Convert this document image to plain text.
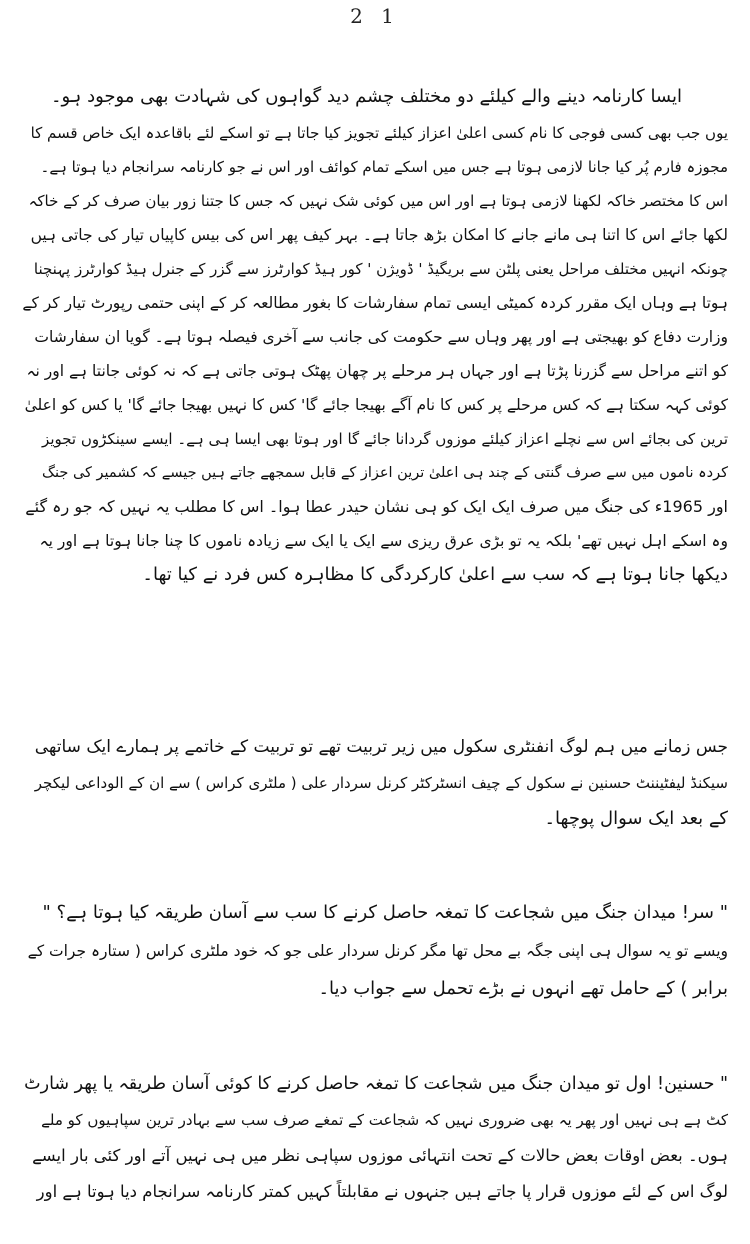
2 1
ایسا کارنامہ دینے والے کیلئے دو مختلف چشم دید گواہوں کی شہادت بھی موجود ہو۔
یوں جب بھی کسی فوجی کا نام کسی اعلیٰ اعزاز کیلئے تجویز کیا جاتا ہے تو اسکے لئے باقاعدہ ایک خاص قسم کا
مجوزہ فارم پُر کیا جانا لازمی ہوتا ہے جس میں اسکے تمام کوائف اور اس نے جو کارنامہ سرانجام دیا ہوتا ہے۔
اس کا مختصر خاکہ لکھنا لازمی ہوتا ہے اور اس میں کوئی شک نہیں کہ جس کا جتنا زور بیان صرف کر کے خاکہ
لکھا جائے اس کا اتنا ہی مانے جانے کا امکان بڑھ جاتا ہے۔ بہر کیف پھر اس کی بیس کاپیاں تیار کی جاتی ہیں
چونکہ انہیں مختلف مراحل یعنی پلٹن سے بریگیڈ ' ڈویژن ' کور ہیڈ کوارٹرز سے گزر کے جنرل ہیڈ کوارٹرز پہنچنا
ہوتا ہے وہاں ایک مقرر کردہ کمیٹی ایسی تمام سفارشات کا بغور مطالعہ کر کے اپنی حتمی رپورٹ تیار کر کے
وزارت دفاع کو بھیجتی ہے اور پھر وہاں سے حکومت کی جانب سے آخری فیصلہ ہوتا ہے۔ گویا ان سفارشات
کو اتنے مراحل سے گزرنا پڑتا ہے اور جہاں ہر مرحلے پر چھان پھٹک ہوتی جاتی ہے کہ نہ کوئی جانتا ہے اور نہ
کوئی کہہ سکتا ہے کہ کس مرحلے پر کس کا نام آگے بھیجا جائے گا' کس کا نہیں بھیجا جائے گا' یا کس کو اعلیٰ
ترین کی بجائے اس سے نچلے اعزاز کیلئے موزوں گردانا جائے گا اور ہوتا بھی ایسا ہی ہے۔ ایسے سینکڑوں تجویز
کردہ ناموں میں سے صرف گنتی کے چند ہی اعلیٰ ترین اعزاز کے قابل سمجھے جاتے ہیں جیسے کہ کشمیر کی جنگ
اور 1965ء کی جنگ میں صرف ایک ایک کو ہی نشان حیدر عطا ہوا۔ اس کا مطلب یہ نہیں کہ جو رہ گئے
وہ اسکے اہل نہیں تھے' بلکہ یہ تو بڑی عرق ریزی سے ایک یا ایک سے زیادہ ناموں کا چنا جانا ہوتا ہے اور یہ
دیکھا جانا ہوتا ہے کہ سب سے اعلیٰ کارکردگی کا مظاہرہ کس فرد نے کیا تھا۔
جس زمانے میں ہم لوگ انفنٹری سکول میں زیر تربیت تھے تو تربیت کے خاتمے پر ہمارے ایک ساتھی
سیکنڈ لیفٹیننٹ حسنین نے سکول کے چیف انسٹرکٹر کرنل سردار علی ( ملٹری کراس ) سے ان کے الوداعی لیکچر
کے بعد ایک سوال پوچھا۔
" سر! میدان جنگ میں شجاعت کا تمغہ حاصل کرنے کا سب سے آسان طریقہ کیا ہوتا ہے؟ "
ویسے تو یہ سوال ہی اپنی جگہ بے محل تھا مگر کرنل سردار علی جو کہ خود ملٹری کراس ( ستارہ جرات کے
برابر ) کے حامل تھے انہوں نے بڑے تحمل سے جواب دیا۔
" حسنین! اول تو میدان جنگ میں شجاعت کا تمغہ حاصل کرنے کا کوئی آسان طریقہ یا پھر شارٹ
کٹ ہے ہی نہیں اور پھر یہ بھی ضروری نہیں کہ شجاعت کے تمغے صرف سب سے بہادر ترین سپاہیوں کو ملے
ہوں۔ بعض اوقات بعض حالات کے تحت انتہائی موزوں سپاہی نظر میں ہی نہیں آتے اور کئی بار ایسے
لوگ اس کے لئے موزوں قرار پا جاتے ہیں جنہوں نے مقابلتاً کہیں کمتر کارنامہ سرانجام دیا ہوتا ہے اور
